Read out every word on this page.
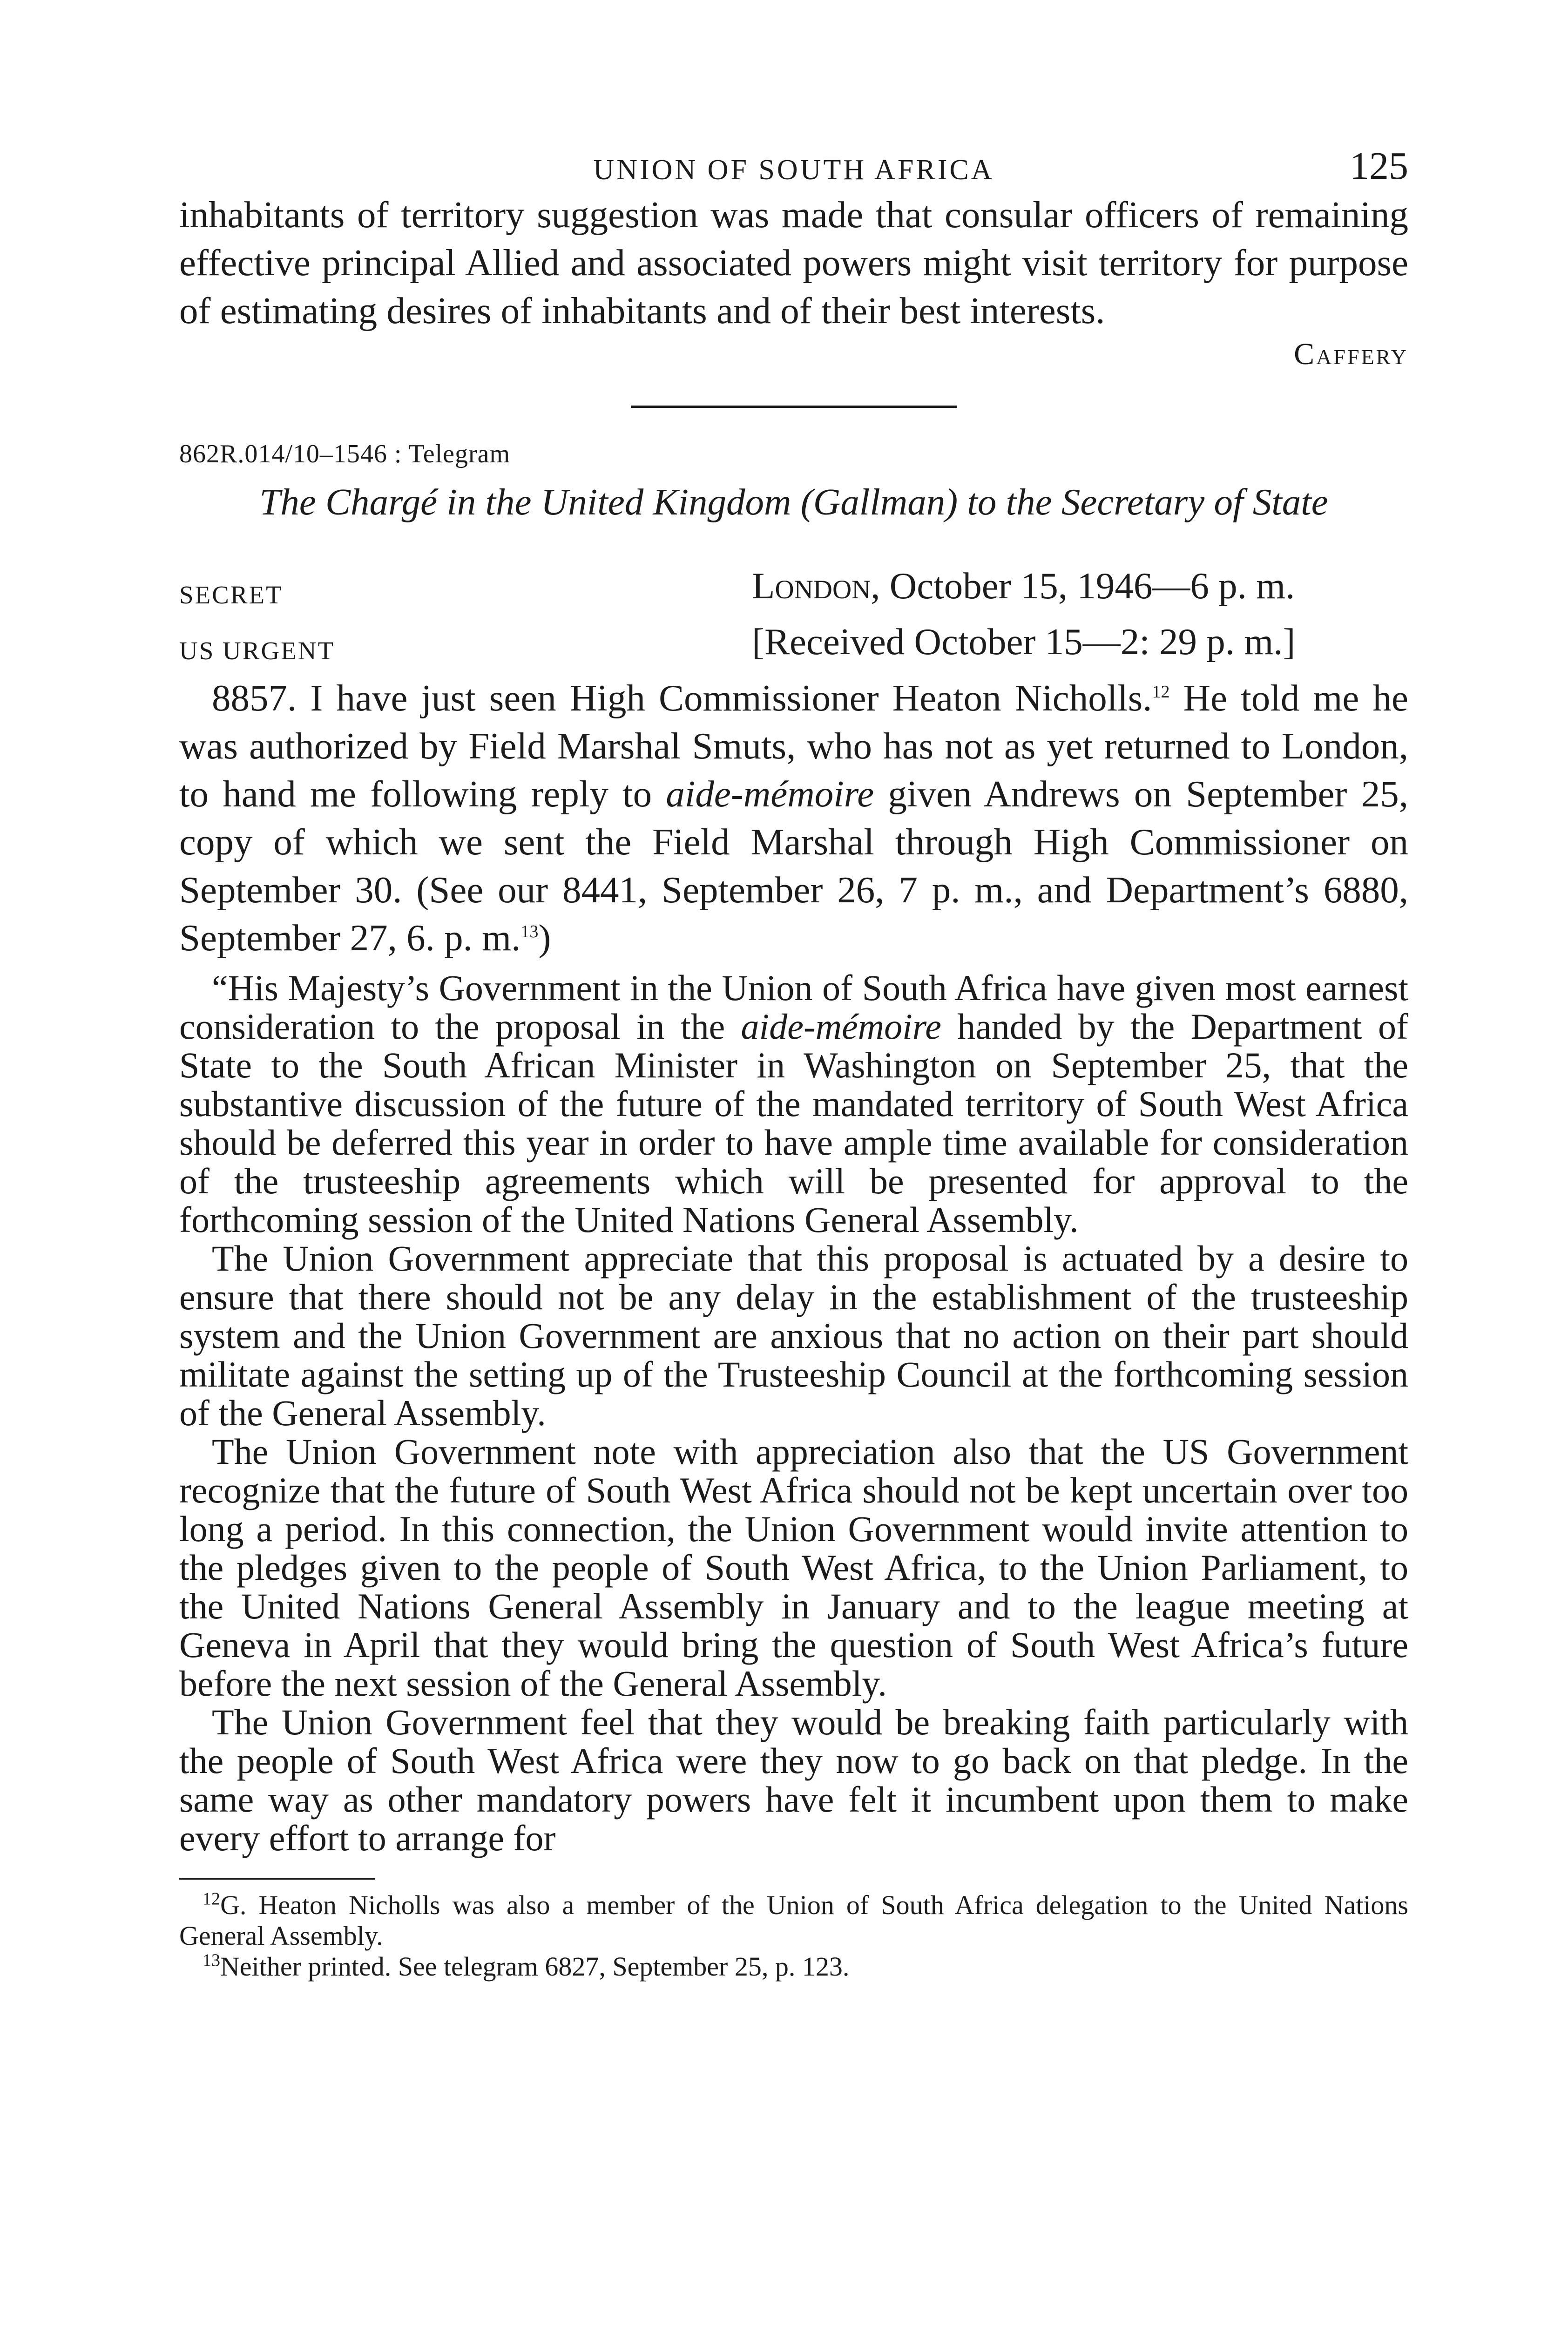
UNION OF SOUTH AFRICA	125

inhabitants of territory suggestion was made that consular officers of remaining effective principal Allied and associated powers might visit territory for purpose of estimating desires of inhabitants and of their best interests.

Caffery
862R.014/10–1546 : Telegram
The Chargé in the United Kingdom (Gallman) to the Secretary of State
SECRET	London, October 15, 1946—6 p. m.
US URGENT	[Received October 15—2: 29 p. m.]

8857. I have just seen High Commissioner Heaton Nicholls.$^{12}$ He told me he was authorized by Field Marshal Smuts, who has not as yet returned to London, to hand me following reply to aide-mémoire given Andrews on September 25, copy of which we sent the Field Marshal through High Commissioner on September 30. (See our 8441, September 26, 7 p. m., and Department’s 6880, September 27, 6. p. m.$^{13}$)

“His Majesty’s Government in the Union of South Africa have given most earnest consideration to the proposal in the aide-mémoire handed by the Department of State to the South African Minister in Washington on September 25, that the substantive discussion of the future of the mandated territory of South West Africa should be deferred this year in order to have ample time available for consideration of the trusteeship agreements which will be presented for approval to the forthcoming session of the United Nations General Assembly.

The Union Government appreciate that this proposal is actuated by a desire to ensure that there should not be any delay in the establishment of the trusteeship system and the Union Government are anxious that no action on their part should militate against the setting up of the Trusteeship Council at the forthcoming session of the General Assembly.

The Union Government note with appreciation also that the US Government recognize that the future of South West Africa should not be kept uncertain over too long a period. In this connection, the Union Government would invite attention to the pledges given to the people of South West Africa, to the Union Parliament, to the United Nations General Assembly in January and to the league meeting at Geneva in April that they would bring the question of South West Africa’s future before the next session of the General Assembly.

The Union Government feel that they would be breaking faith particularly with the people of South West Africa were they now to go back on that pledge. In the same way as other mandatory powers have felt it incumbent upon them to make every effort to arrange for

$^{12}$G. Heaton Nicholls was also a member of the Union of South Africa delegation to the United Nations General Assembly.

$^{13}$Neither printed. See telegram 6827, September 25, p. 123.
